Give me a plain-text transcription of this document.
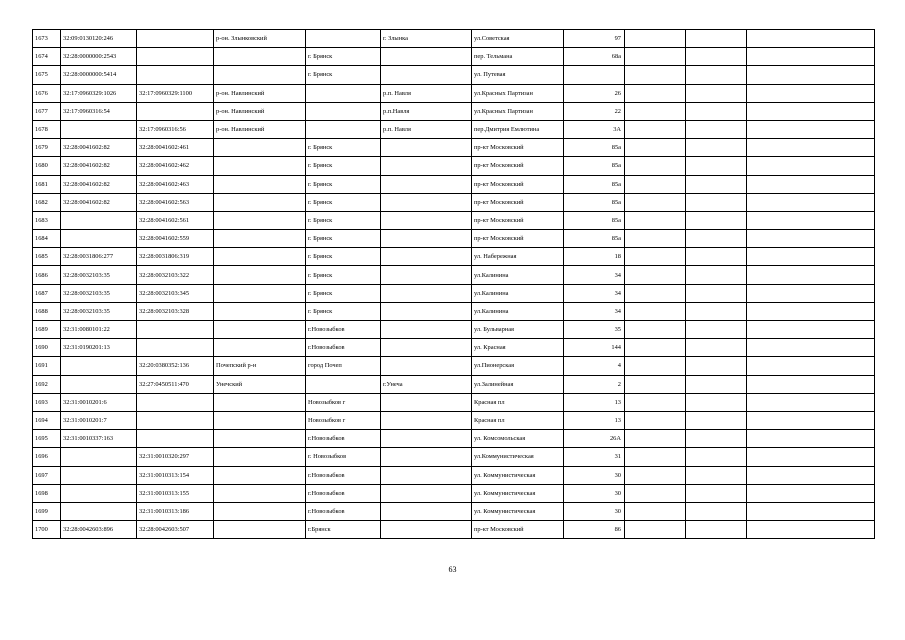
1673	32:09:0130120:246		р-он. Злынковский		г. Злынка	ул.Советская	97			
1674	32:28:0000000:2543			г. Брянск		пер. Тельмана	68а			
1675	32:28:0000000:5414			г. Брянск		ул. Путевая				
1676	32:17:0960329:1026	32:17:0960329:1100	р-он. Навлинский		р.п. Навля	ул.Красных Партизан	26			
1677	32:17:0960316:54		р-он. Навлинский		р.п.Навля	ул.Красных Партизан	22			
1678		32:17:0960316:56	р-он. Навлинский		р.п. Навля	пер.Дмитрия Емлютина	3А			
1679	32:28:0041602:82	32:28:0041602:461		г. Брянск		пр-кт Московский	85а			
1680	32:28:0041602:82	32:28:0041602:462		г. Брянск		пр-кт Московский	85а			
1681	32:28:0041602:82	32:28:0041602:463		г. Брянск		пр-кт Московский	85а			
1682	32:28:0041602:82	32:28:0041602:563		г. Брянск		пр-кт Московский	85а			
1683		32:28:0041602:561		г. Брянск		пр-кт Московский	85а			
1684		32:28:0041602:559		г. Брянск		пр-кт Московский	85а			
1685	32:28:0031806:277	32:28:0031806:319		г. Брянск		ул. Набережная	18			
1686	32:28:0032103:35	32:28:0032103:322		г. Брянск		ул.Калинина	34			
1687	32:28:0032103:35	32:28:0032103:345		г. Брянск		ул.Калинина	34			
1688	32:28:0032103:35	32:28:0032103:328		г. Брянск		ул.Калинина	34			
1689	32:31:0080101:22			г.Новозыбков		ул. Бульварная	35			
1690	32:31:0190201:13			г.Новозыбков		ул. Красная	144			
1691		32:20:0380352:136	Почепский р-н	город Почеп		ул.Пионерская	4			
1692		32:27:0450511:470	Унечский		г.Унеча	ул.Залинейная	2			
1693	32:31:0010201:6			Новозыбков г		Красная пл	13			
1694	32:31:0010201:7			Новозыбков г		Красная пл	13			
1695	32:31:0010337:163			г.Новозыбков		ул. Комсомольская	26А			
1696		32:31:0010320:297		г. Новозыбков		ул.Коммунистическая	31			
1697		32:31:0010313:154		г.Новозыбков		ул. Коммунистическая	30			
1698		32:31:0010313:155		г.Новозыбков		ул. Коммунистическая	30			
1699		32:31:0010313:186		г.Новозыбков		ул. Коммунистическая	30			
1700	32:28:0042603:896	32:28:0042603:507		г.Брянск		пр-кт Московский	86			
63
